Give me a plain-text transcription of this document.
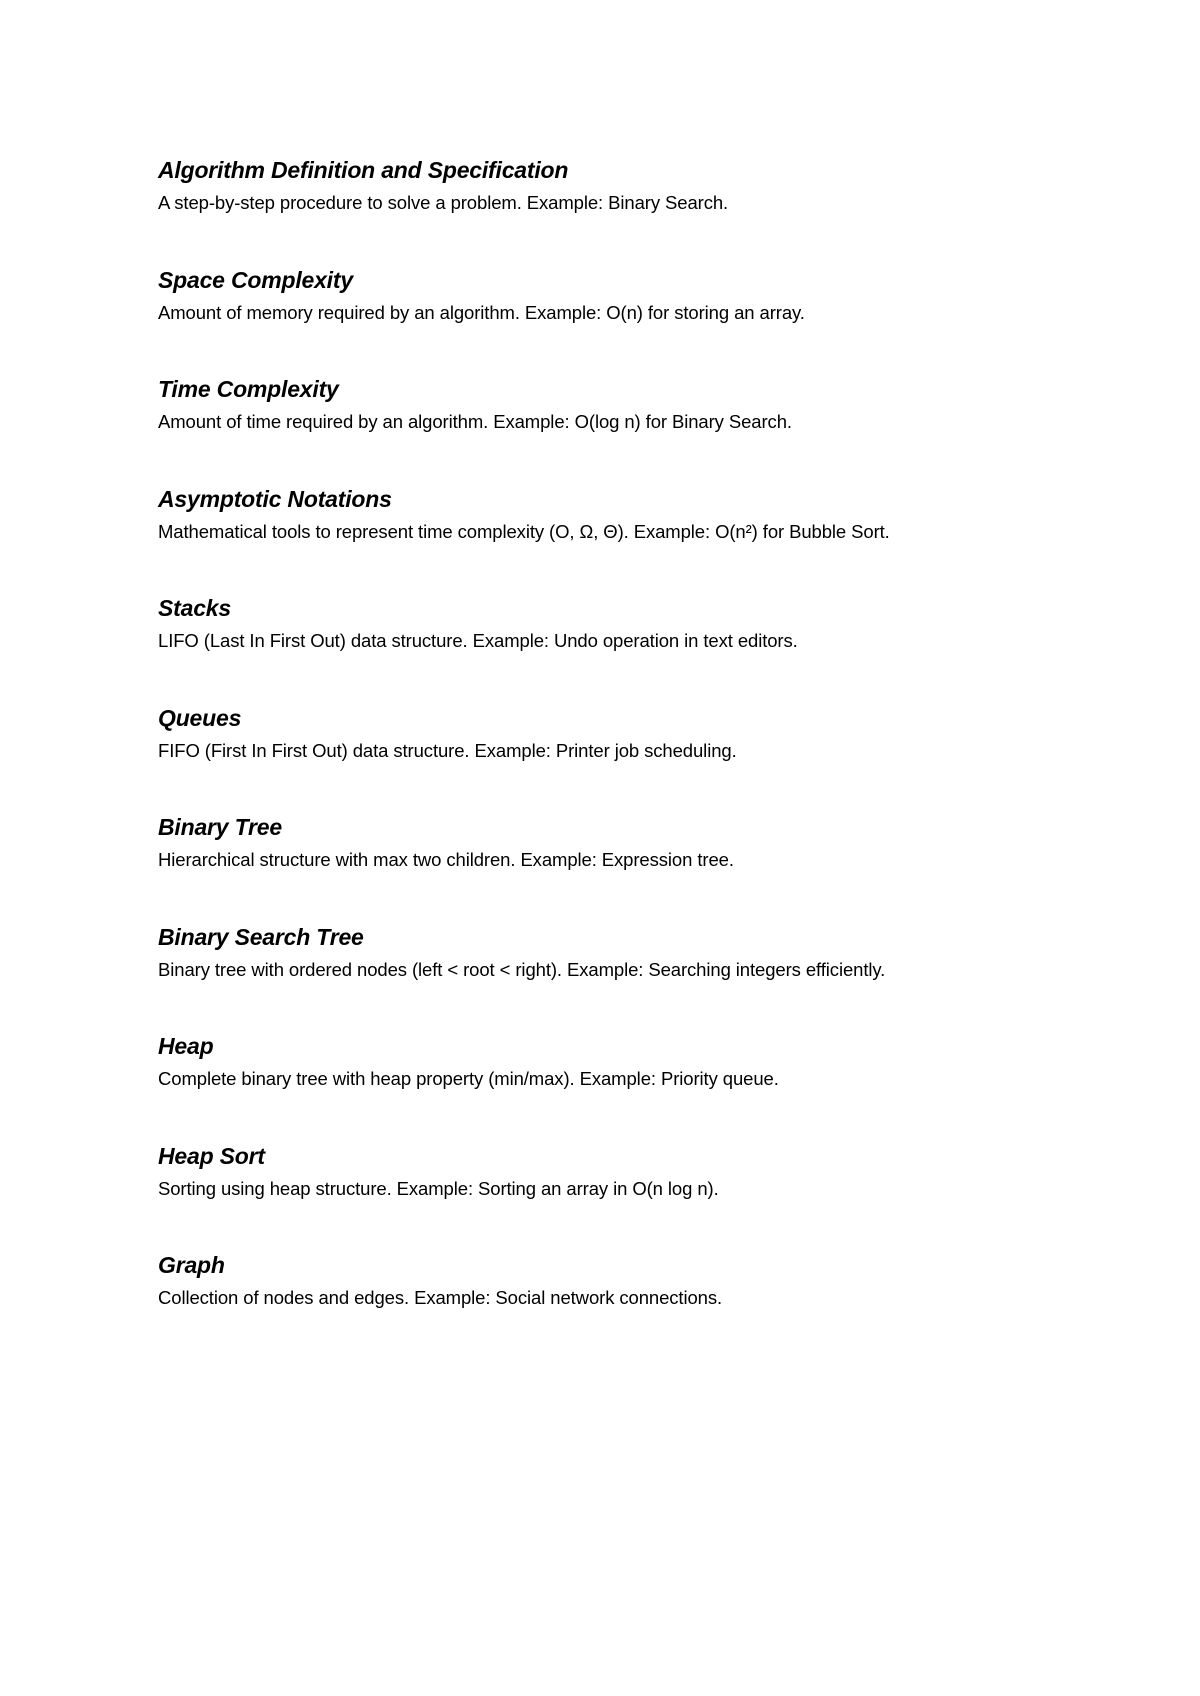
Algorithm Definition and Specification

A step-by-step procedure to solve a problem. Example: Binary Search.

Space Complexity

Amount of memory required by an algorithm. Example: O(n) for storing an array.

Time Complexity

Amount of time required by an algorithm. Example: O(log n) for Binary Search.

Asymptotic Notations

Mathematical tools to represent time complexity (O, Ω, Θ). Example: O(n²) for Bubble Sort.

Stacks

LIFO (Last In First Out) data structure. Example: Undo operation in text editors.

Queues

FIFO (First In First Out) data structure. Example: Printer job scheduling.

Binary Tree

Hierarchical structure with max two children. Example: Expression tree.

Binary Search Tree

Binary tree with ordered nodes (left < root < right). Example: Searching integers efficiently.

Heap

Complete binary tree with heap property (min/max). Example: Priority queue.

Heap Sort

Sorting using heap structure. Example: Sorting an array in O(n log n).

Graph

Collection of nodes and edges. Example: Social network connections.
